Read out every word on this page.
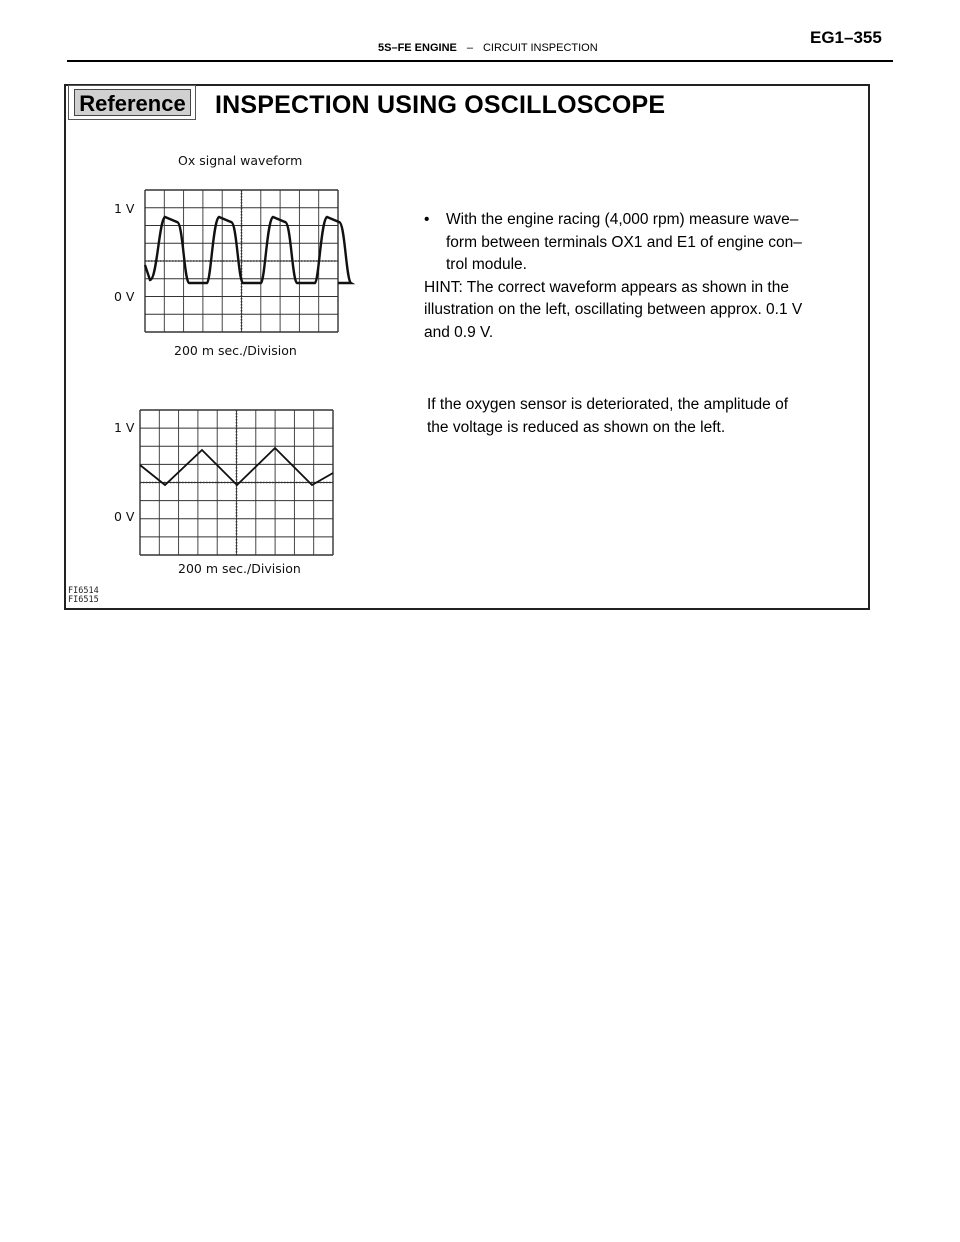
5S–FE ENGINE – CIRCUIT INSPECTION
EG1–355
Reference INSPECTION USING OSCILLOSCOPE
Ox signal waveform
1 V
0 V
200 m sec./Division
1 V
0 V
200 m sec./Division
• With the engine racing (4,000 rpm) measure wave–
form between terminals OX1 and E1 of engine con–
trol module.
HINT: The correct waveform appears as shown in the
illustration on the left, oscillating between approx. 0.1 V
and 0.9 V.
If the oxygen sensor is deteriorated, the amplitude of
the voltage is reduced as shown on the left.
FI6514
FI6515
